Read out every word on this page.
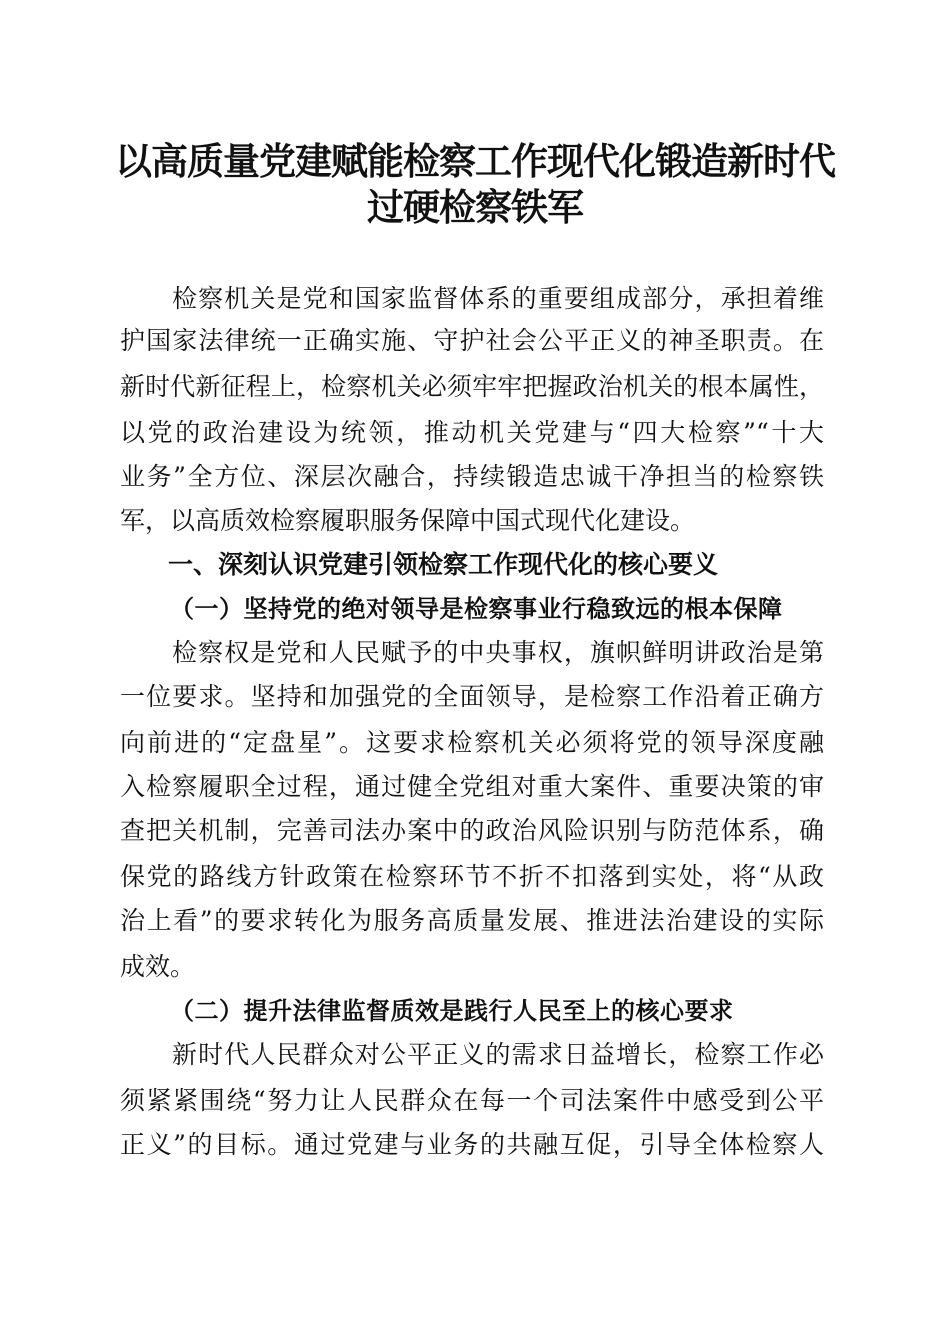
以高质量党建赋能检察工作现代化锻造新时代
过硬检察铁军
检察机关是党和国家监督体系的重要组成部分，承担着维
护国家法律统一正确实施、守护社会公平正义的神圣职责。在
新时代新征程上，检察机关必须牢牢把握政治机关的根本属性，
以党的政治建设为统领，推动机关党建与“四大检察”“十大
业务”全方位、深层次融合，持续锻造忠诚干净担当的检察铁
军，以高质效检察履职服务保障中国式现代化建设。
一、深刻认识党建引领检察工作现代化的核心要义
（一）坚持党的绝对领导是检察事业行稳致远的根本保障
检察权是党和人民赋予的中央事权，旗帜鲜明讲政治是第
一位要求。坚持和加强党的全面领导，是检察工作沿着正确方
向前进的“定盘星”。这要求检察机关必须将党的领导深度融
入检察履职全过程，通过健全党组对重大案件、重要决策的审
查把关机制，完善司法办案中的政治风险识别与防范体系，确
保党的路线方针政策在检察环节不折不扣落到实处，将“从政
治上看”的要求转化为服务高质量发展、推进法治建设的实际
成效。
（二）提升法律监督质效是践行人民至上的核心要求
新时代人民群众对公平正义的需求日益增长，检察工作必
须紧紧围绕“努力让人民群众在每一个司法案件中感受到公平
正义”的目标。通过党建与业务的共融互促，引导全体检察人
